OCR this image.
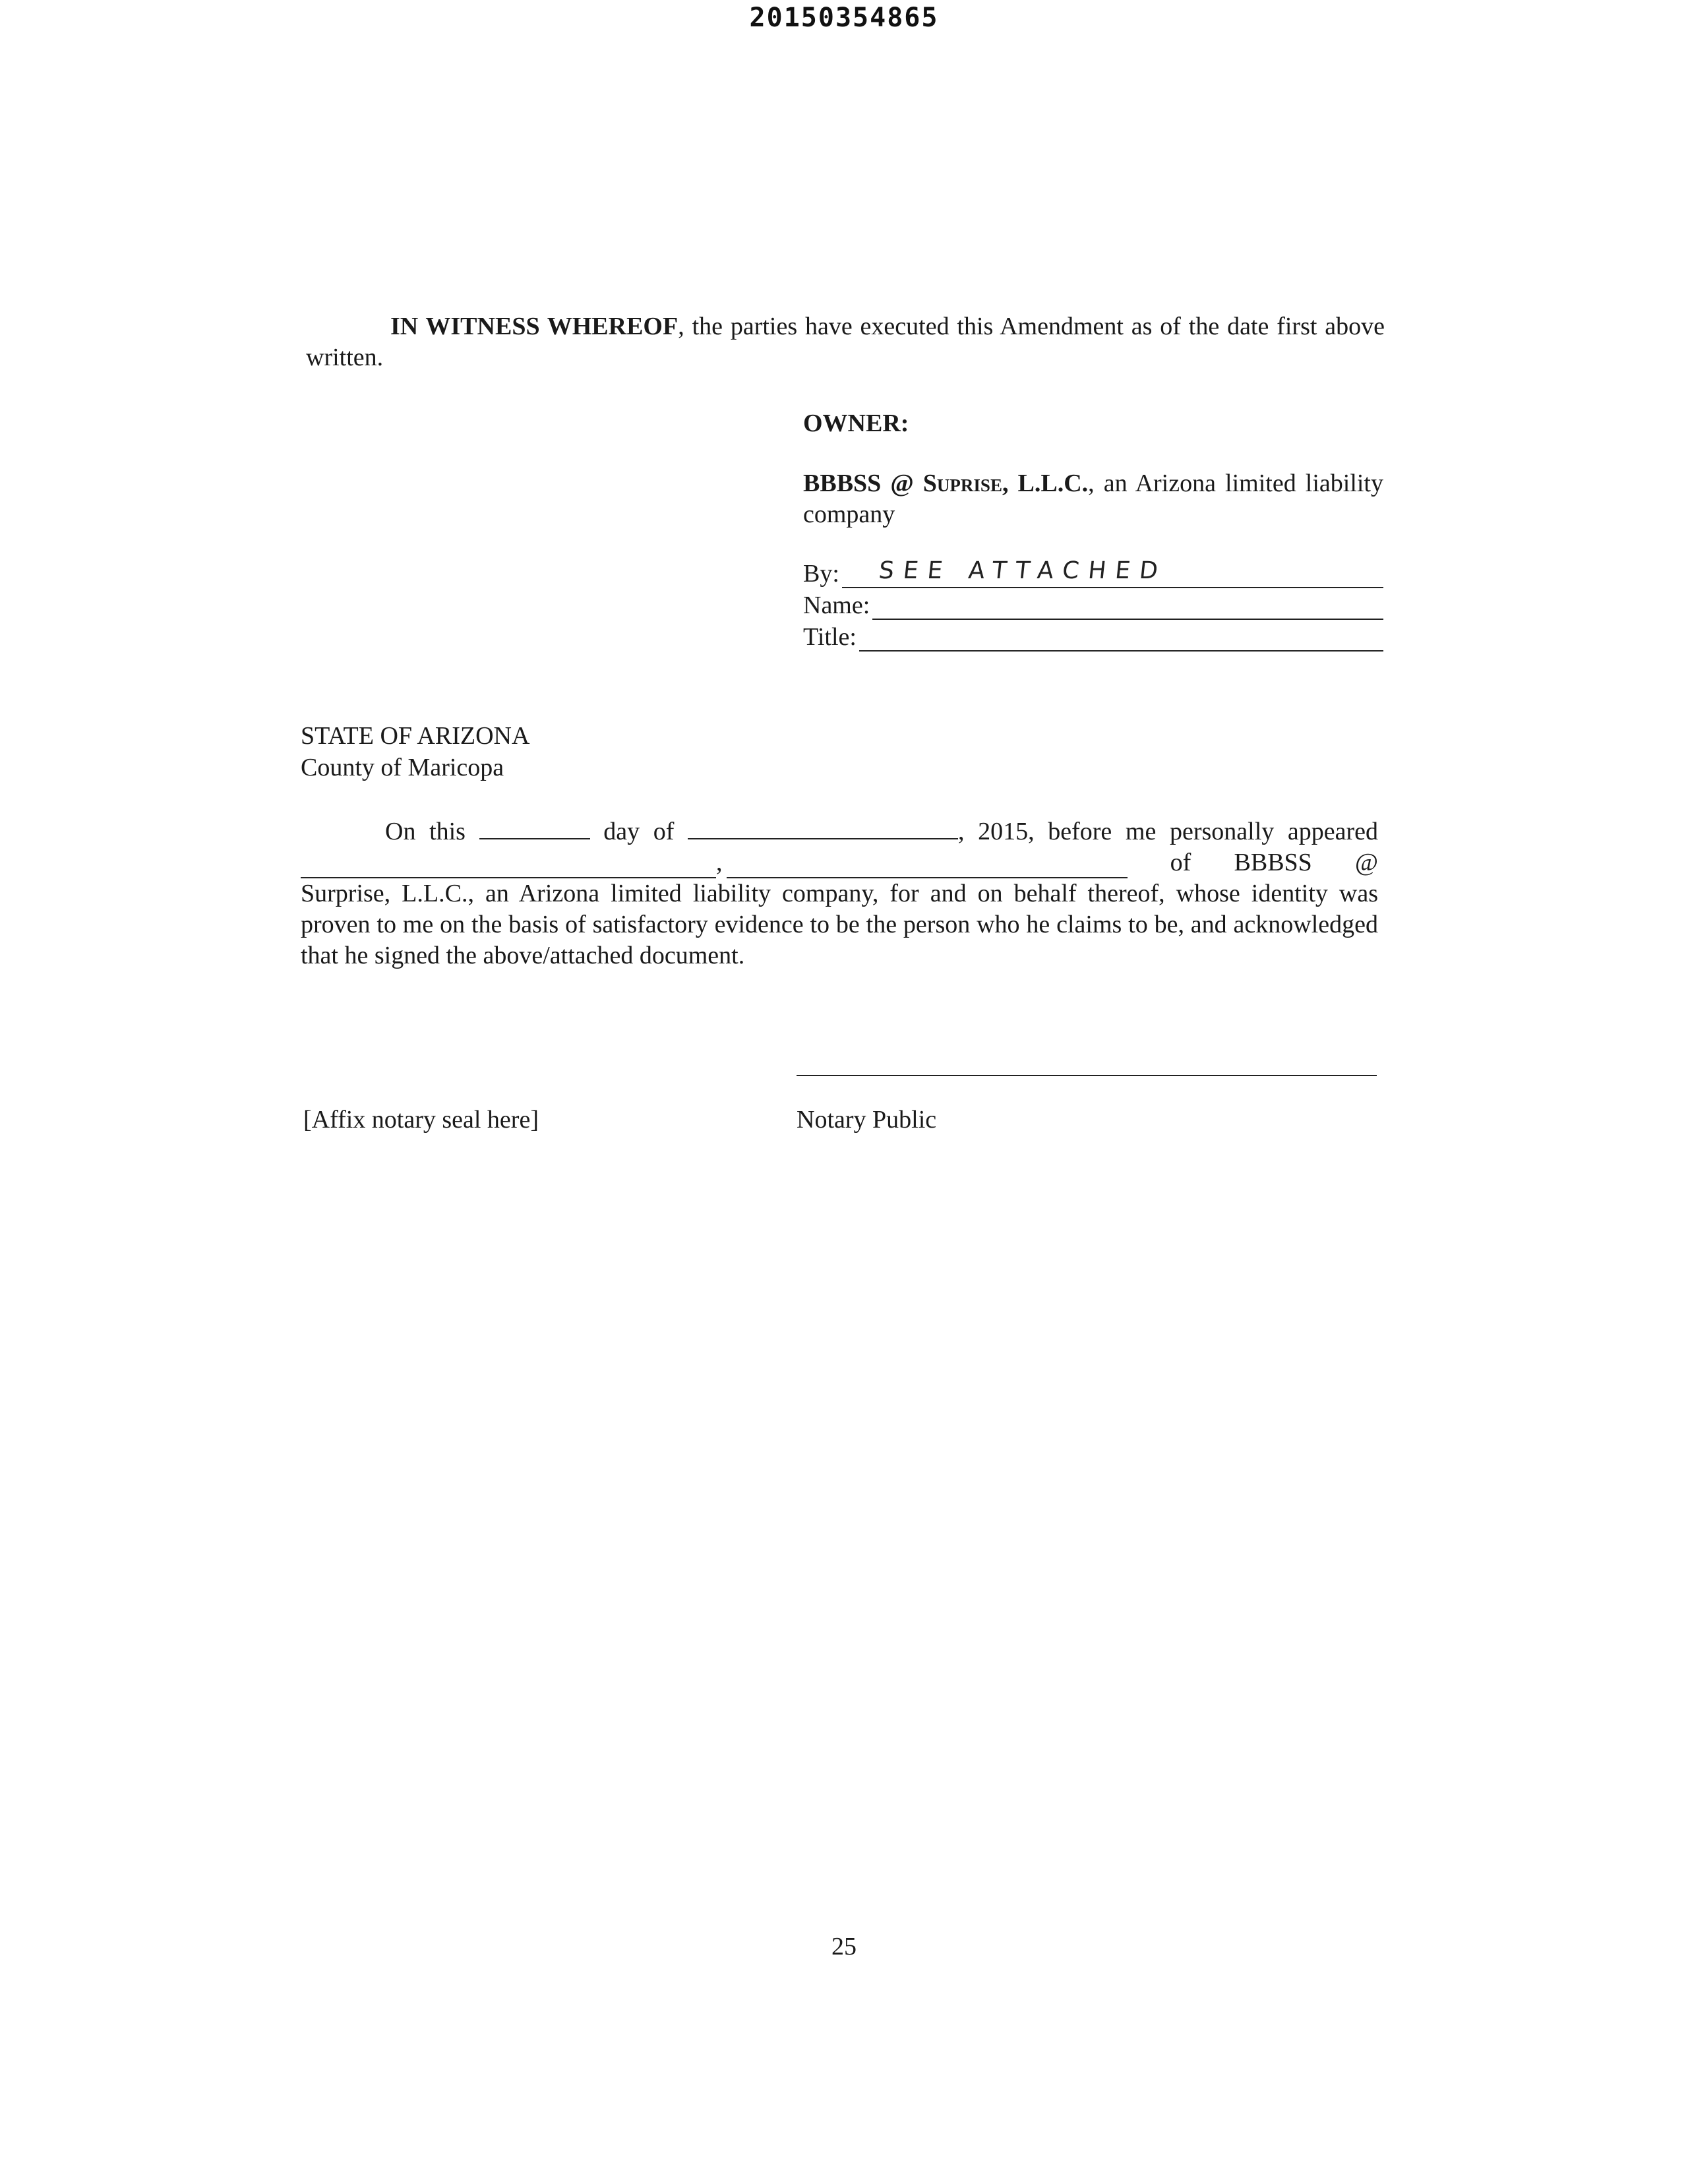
20150354865
IN WITNESS WHEREOF, the parties have executed this Amendment as of the date first above written.
OWNER:
BBBSS @ Suprise, L.L.C., an Arizona limited liability company
By: SEE ATTACHED
Name:
Title:
STATE OF ARIZONA
County of Maricopa
On this	day of	, 2015, before me personally appeared
,	of BBBSS @
Surprise, L.L.C., an Arizona limited liability company, for and on behalf thereof, whose identity was proven to me on the basis of satisfactory evidence to be the person who he claims to be, and acknowledged that he signed the above/attached document.
[Affix notary seal here]	Notary Public
25
